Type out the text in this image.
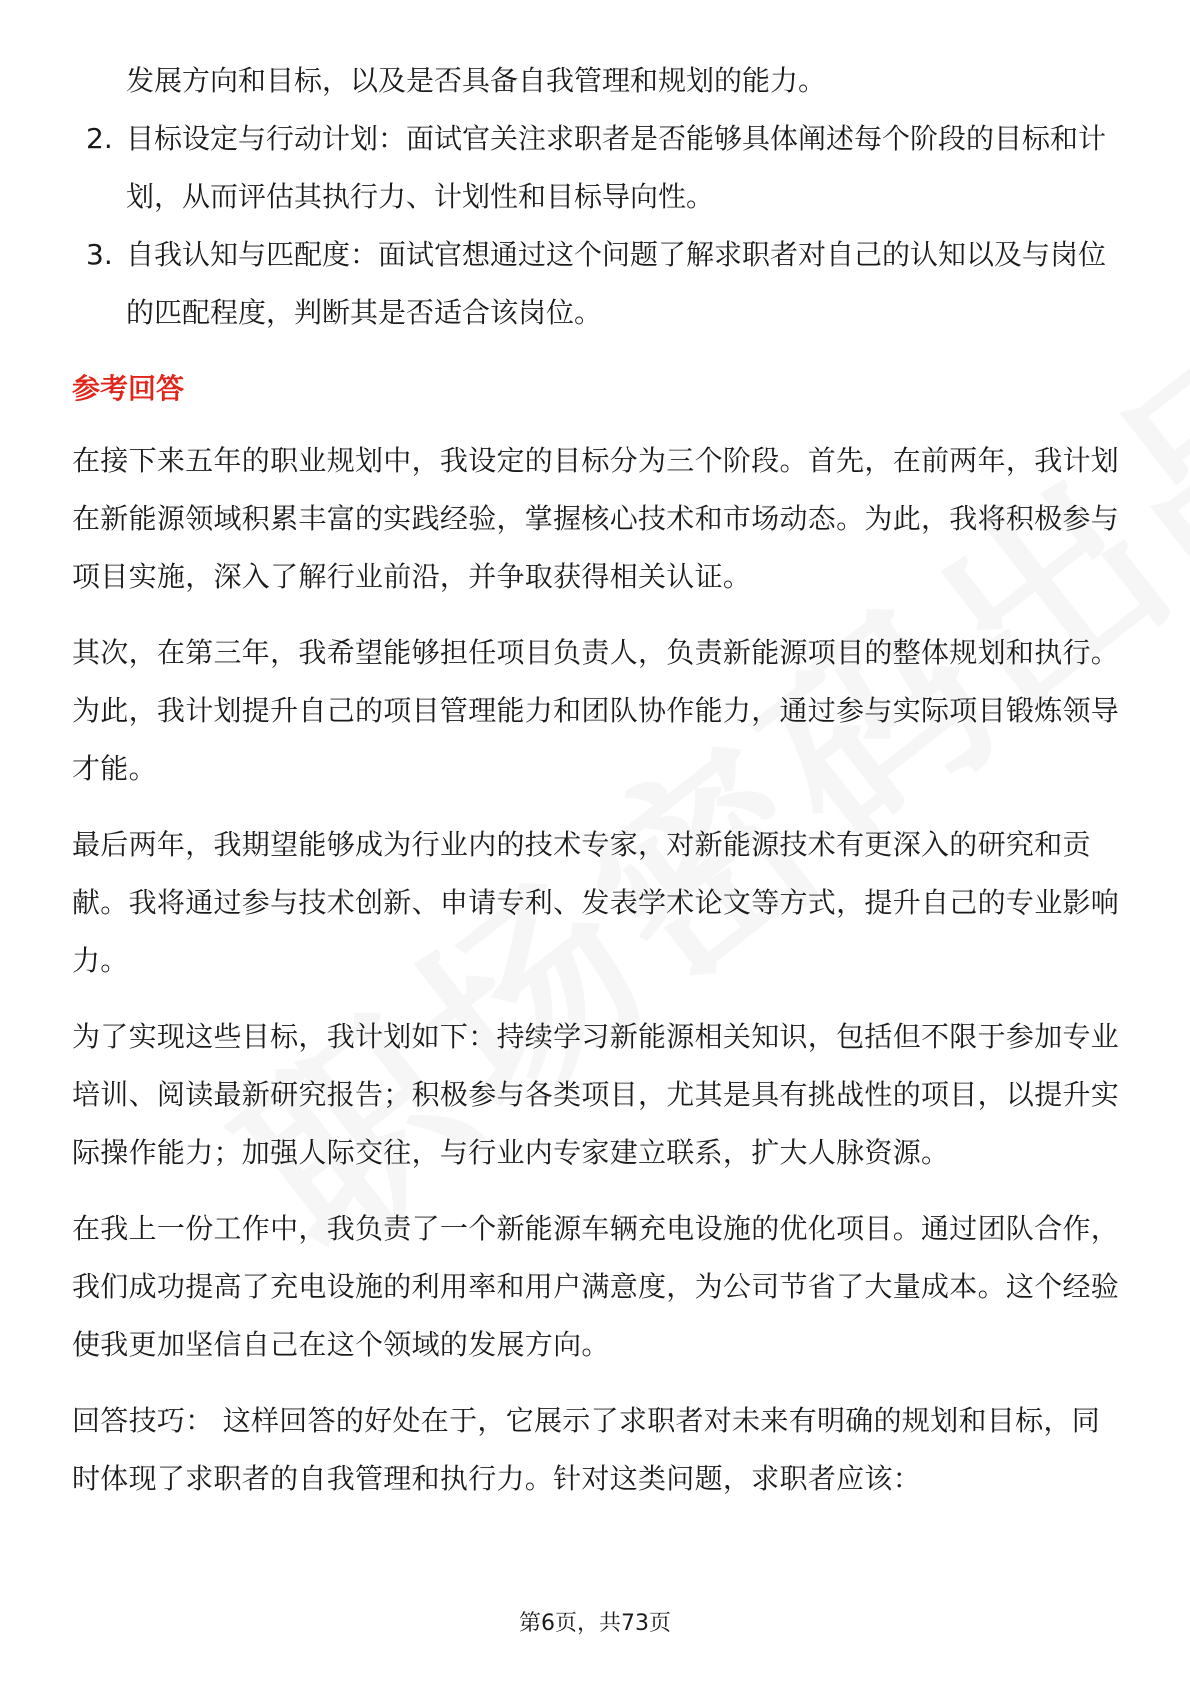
发展方向和目标，以及是否具备自我管理和规划的能力。
2. 目标设定与行动计划：面试官关注求职者是否能够具体阐述每个阶段的目标和计划，从而评估其执行力、计划性和目标导向性。
3. 自我认知与匹配度：面试官想通过这个问题了解求职者对自己的认知以及与岗位的匹配程度，判断其是否适合该岗位。
参考回答

在接下来五年的职业规划中，我设定的目标分为三个阶段。首先，在前两年，我计划在新能源领域积累丰富的实践经验，掌握核心技术和市场动态。为此，我将积极参与项目实施，深入了解行业前沿，并争取获得相关认证。

其次，在第三年，我希望能够担任项目负责人，负责新能源项目的整体规划和执行。为此，我计划提升自己的项目管理能力和团队协作能力，通过参与实际项目锻炼领导才能。

最后两年，我期望能够成为行业内的技术专家，对新能源技术有更深入的研究和贡献。我将通过参与技术创新、申请专利、发表学术论文等方式，提升自己的专业影响力。

为了实现这些目标，我计划如下：持续学习新能源相关知识，包括但不限于参加专业培训、阅读最新研究报告；积极参与各类项目，尤其是具有挑战性的项目，以提升实际操作能力；加强人际交往，与行业内专家建立联系，扩大人脉资源。

在我上一份工作中，我负责了一个新能源车辆充电设施的优化项目。通过团队合作，我们成功提高了充电设施的利用率和用户满意度，为公司节省了大量成本。这个经验使我更加坚信自己在这个领域的发展方向。

回答技巧： 这样回答的好处在于，它展示了求职者对未来有明确的规划和目标，同时体现了求职者的自我管理和执行力。针对这类问题，求职者应该：

第6页，共73页
